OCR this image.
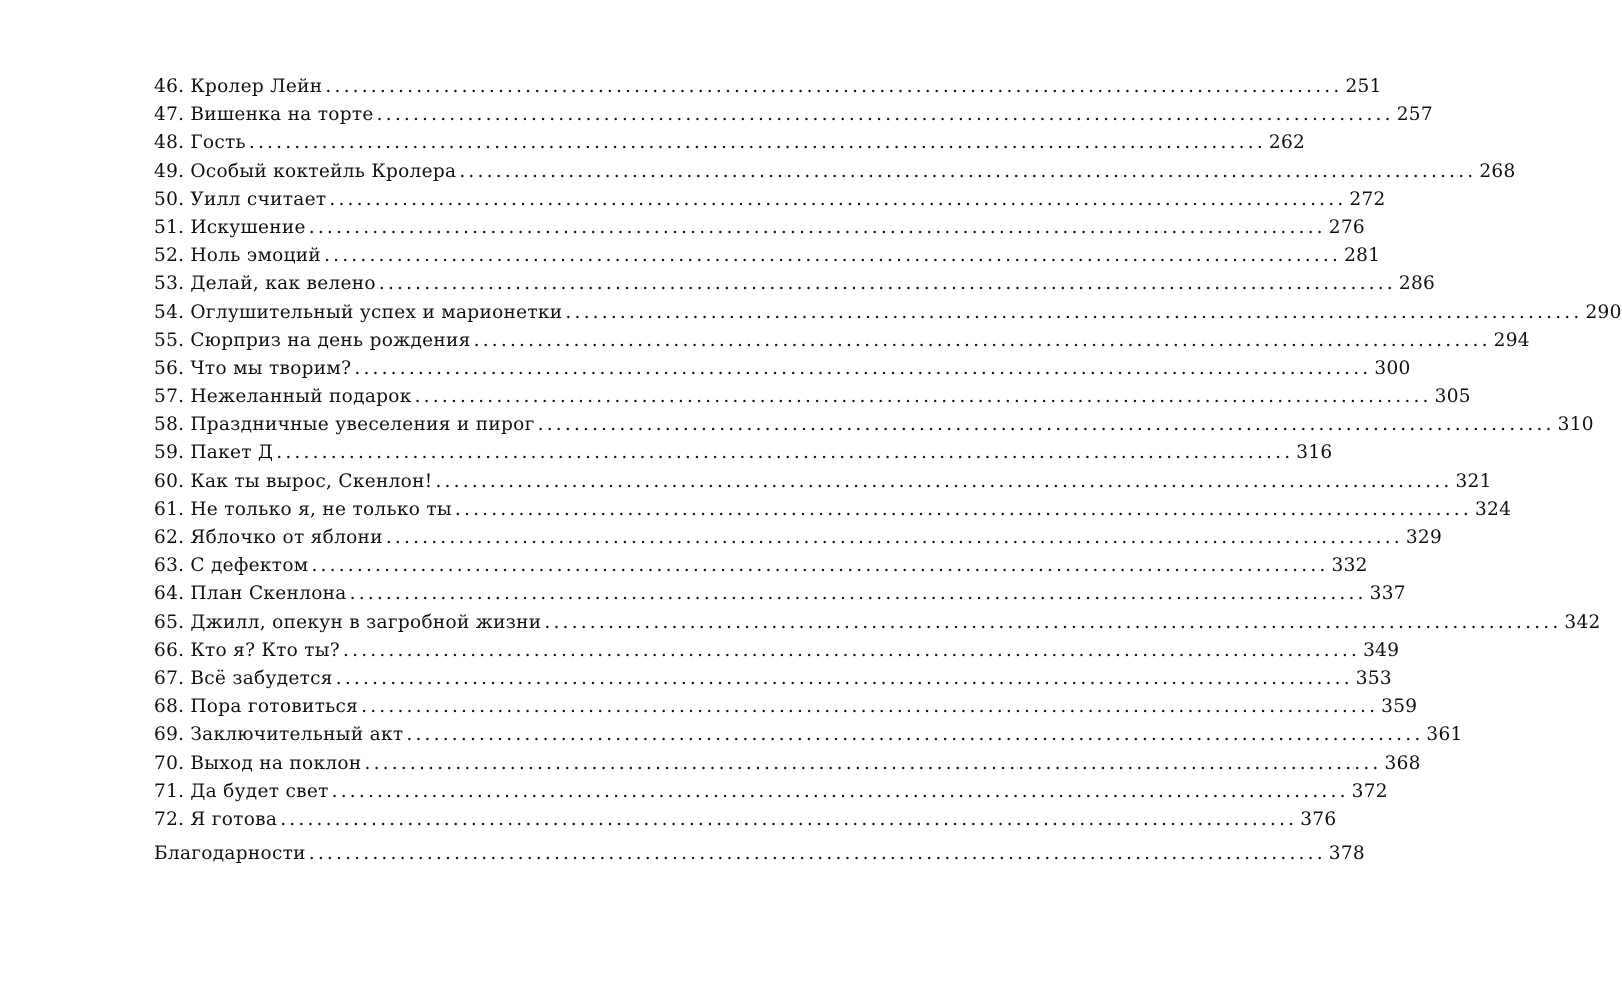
46. Кролер Лейн ................................................................................................................ 251
47. Вишенка на торте ................................................................................................................ 257
48. Гость ................................................................................................................ 262
49. Особый коктейль Кролера ................................................................................................................ 268
50. Уилл считает ................................................................................................................ 272
51. Искушение ................................................................................................................ 276
52. Ноль эмоций ................................................................................................................ 281
53. Делай, как велено ................................................................................................................ 286
54. Оглушительный успех и марионетки ................................................................................................................ 290
55. Сюрприз на день рождения ................................................................................................................ 294
56. Что мы творим? ................................................................................................................ 300
57. Нежеланный подарок ................................................................................................................ 305
58. Праздничные увеселения и пирог ................................................................................................................ 310
59. Пакет Д ................................................................................................................ 316
60. Как ты вырос, Скенлон! ................................................................................................................ 321
61. Не только я, не только ты ................................................................................................................ 324
62. Яблочко от яблони ................................................................................................................ 329
63. С дефектом ................................................................................................................ 332
64. План Скенлона ................................................................................................................ 337
65. Джилл, опекун в загробной жизни ................................................................................................................ 342
66. Кто я? Кто ты? ................................................................................................................ 349
67. Всё забудется ................................................................................................................ 353
68. Пора готовиться ................................................................................................................ 359
69. Заключительный акт ................................................................................................................ 361
70. Выход на поклон ................................................................................................................ 368
71. Да будет свет ................................................................................................................ 372
72. Я готова ................................................................................................................ 376
Благодарности ................................................................................................................ 378
